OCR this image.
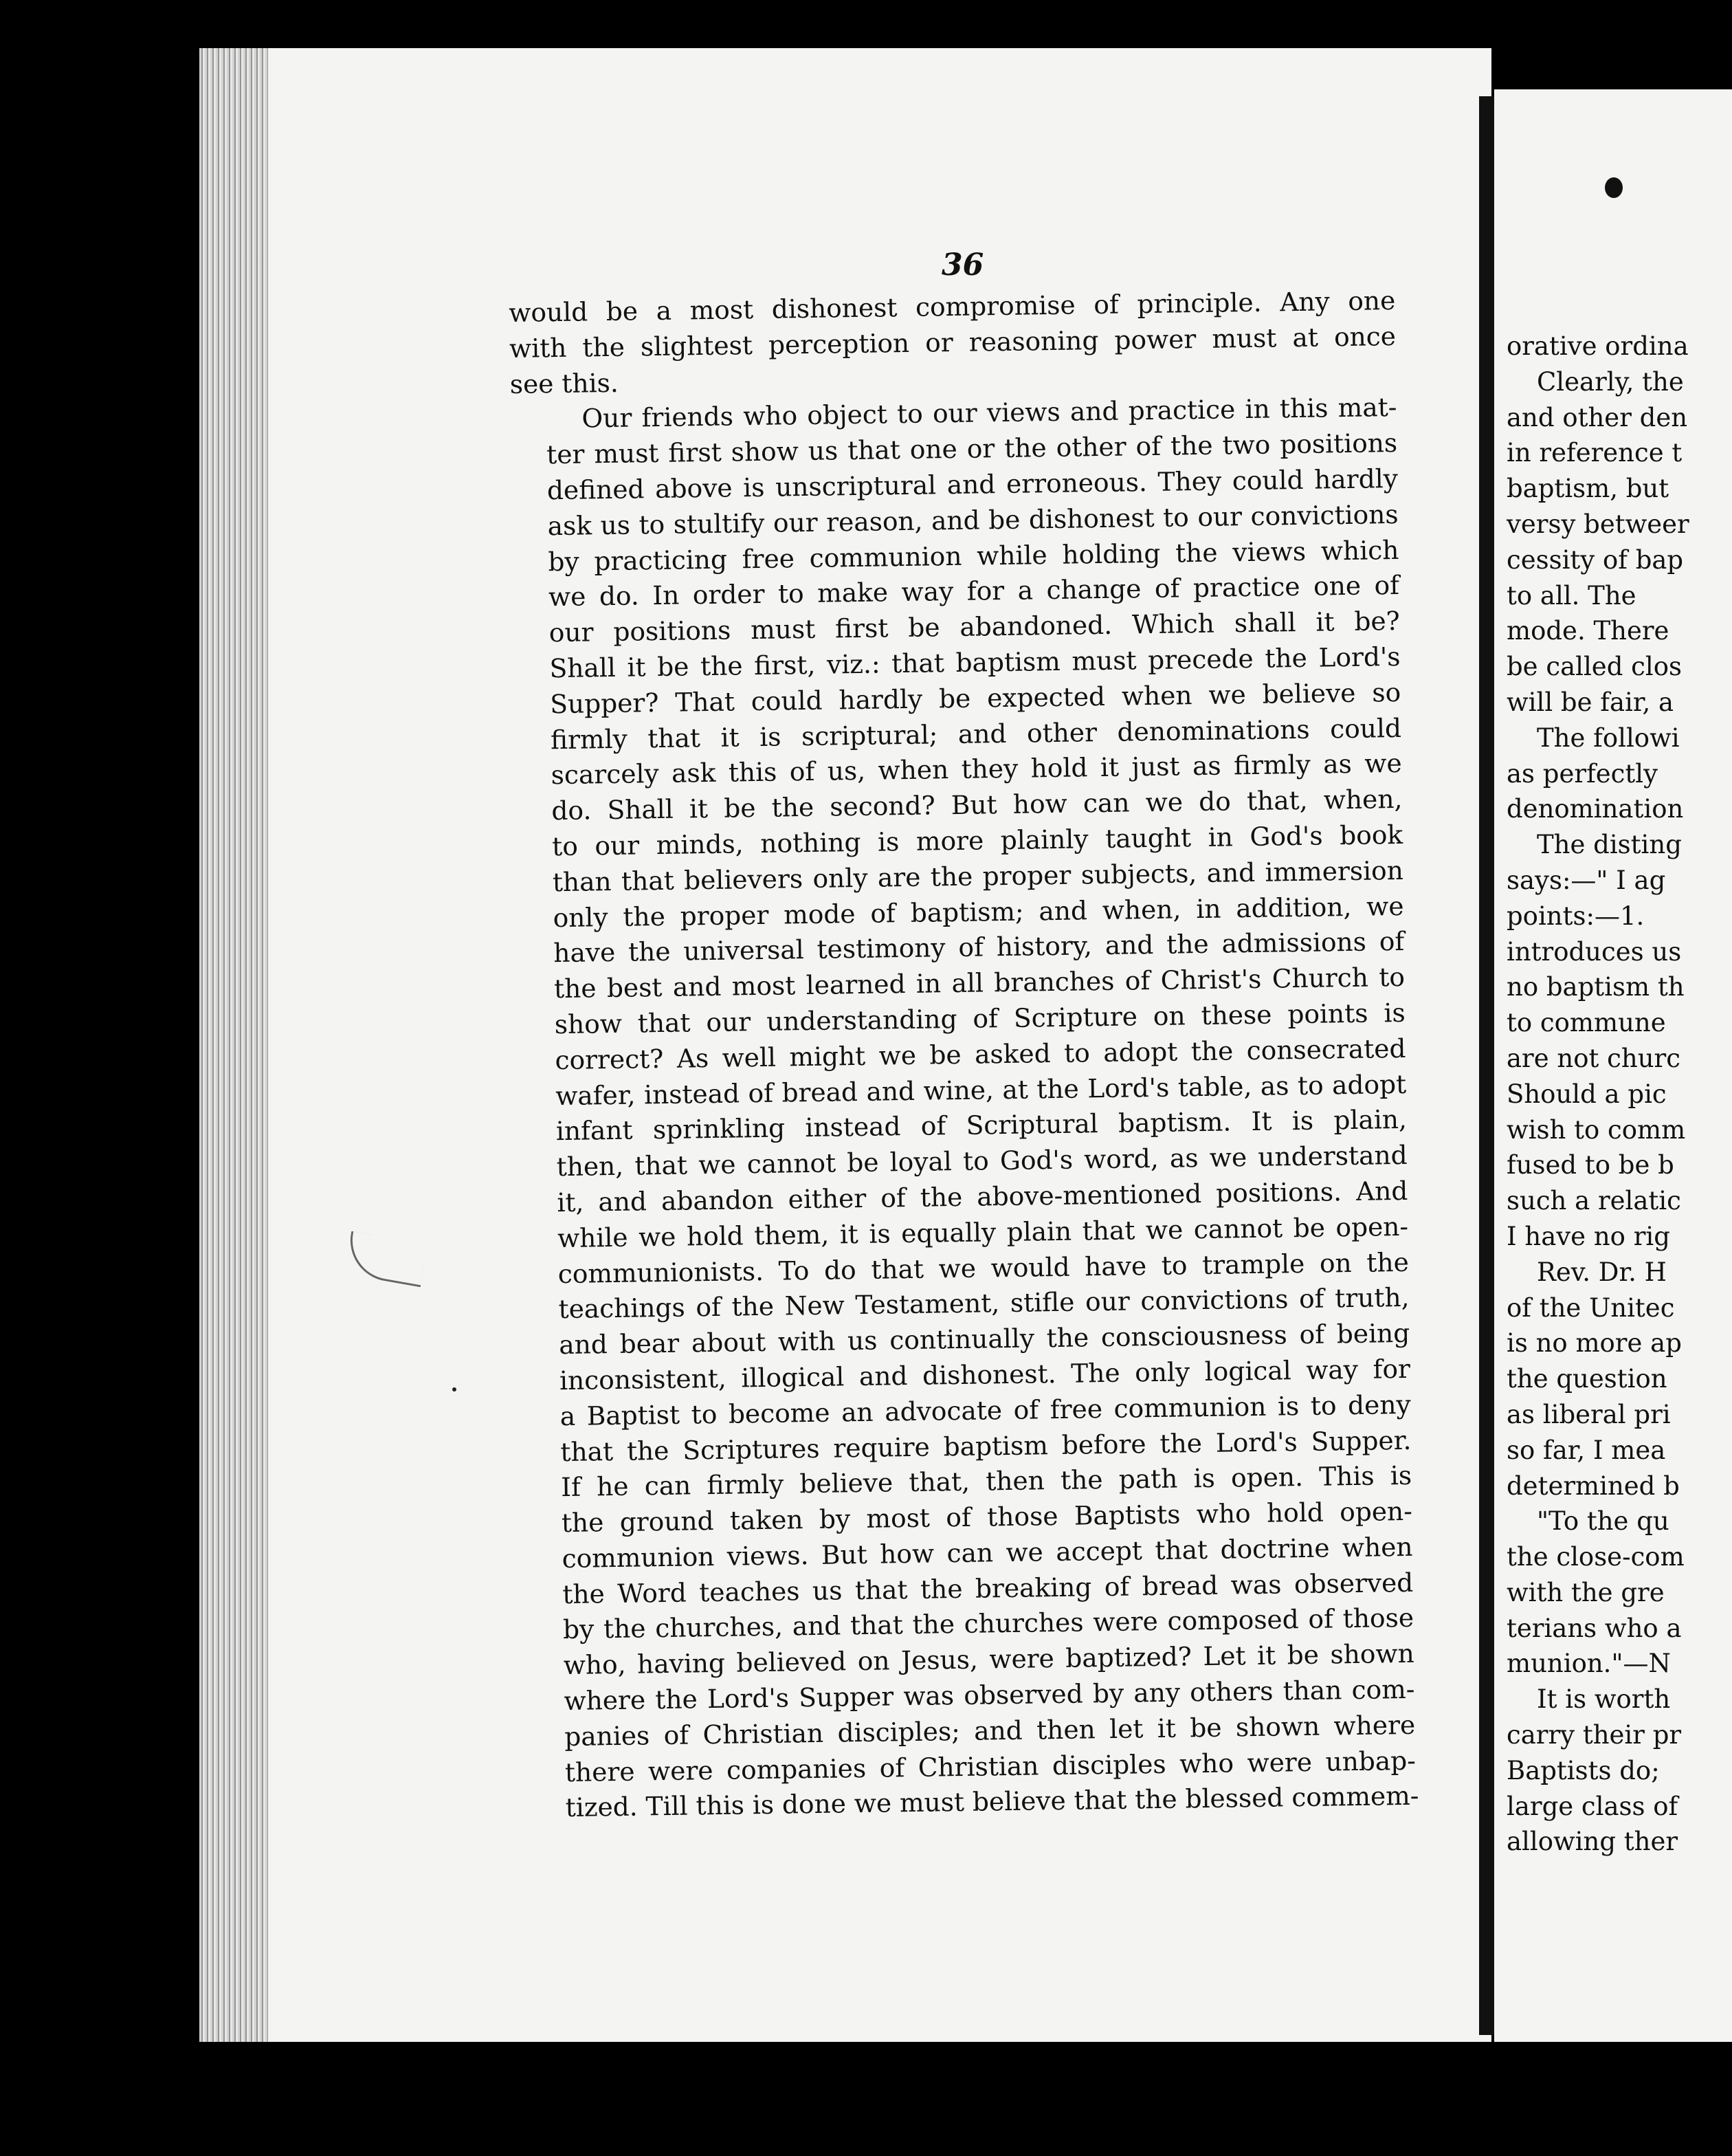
36

would be a most dishonest compromise of principle. Any one
with the slightest perception or reasoning power must at once
see this.

Our friends who object to our views and practice in this mat-
ter must first show us that one or the other of the two positions
defined above is unscriptural and erroneous. They could hardly
ask us to stultify our reason, and be dishonest to our convictions
by practicing free communion while holding the views which
we do. In order to make way for a change of practice one of
our positions must first be abandoned. Which shall it be?
Shall it be the first, viz.: that baptism must precede the Lord's
Supper? That could hardly be expected when we believe so
firmly that it is scriptural; and other denominations could
scarcely ask this of us, when they hold it just as firmly as we
do. Shall it be the second? But how can we do that, when,
to our minds, nothing is more plainly taught in God's book
than that believers only are the proper subjects, and immersion
only the proper mode of baptism; and when, in addition, we
have the universal testimony of history, and the admissions of
the best and most learned in all branches of Christ's Church to
show that our understanding of Scripture on these points is
correct? As well might we be asked to adopt the consecrated
wafer, instead of bread and wine, at the Lord's table, as to adopt
infant sprinkling instead of Scriptural baptism. It is plain,
then, that we cannot be loyal to God's word, as we understand
it, and abandon either of the above-mentioned positions. And
while we hold them, it is equally plain that we cannot be open-
communionists. To do that we would have to trample on the
teachings of the New Testament, stifle our convictions of truth,
and bear about with us continually the consciousness of being
inconsistent, illogical and dishonest. The only logical way for
a Baptist to become an advocate of free communion is to deny
that the Scriptures require baptism before the Lord's Supper.
If he can firmly believe that, then the path is open. This is
the ground taken by most of those Baptists who hold open-
communion views. But how can we accept that doctrine when
the Word teaches us that the breaking of bread was observed
by the churches, and that the churches were composed of those
who, having believed on Jesus, were baptized? Let it be shown
where the Lord's Supper was observed by any others than com-
panies of Christian disciples; and then let it be shown where
there were companies of Christian disciples who were unbap-
tized. Till this is done we must believe that the blessed commem-

orative ordina
Clearly, the
and other den
in reference t
baptism, but
versy betweer
cessity of bap
to all. The
mode. There
be called clos
will be fair, a
The followi
as perfectly
denomination
The disting
says:—" I ag
points:—1.
introduces us
no baptism th
to commune
are not churc
Should a pic
wish to comm
fused to be b
such a relatic
I have no rig
Rev. Dr. H
of the Unitec
is no more ap
the question
as liberal pri
so far, I mea
determined b
"To the qu
the close-com
with the gre
terians who a
munion."—N
It is worth
carry their pr
Baptists do;
large class of
allowing ther
